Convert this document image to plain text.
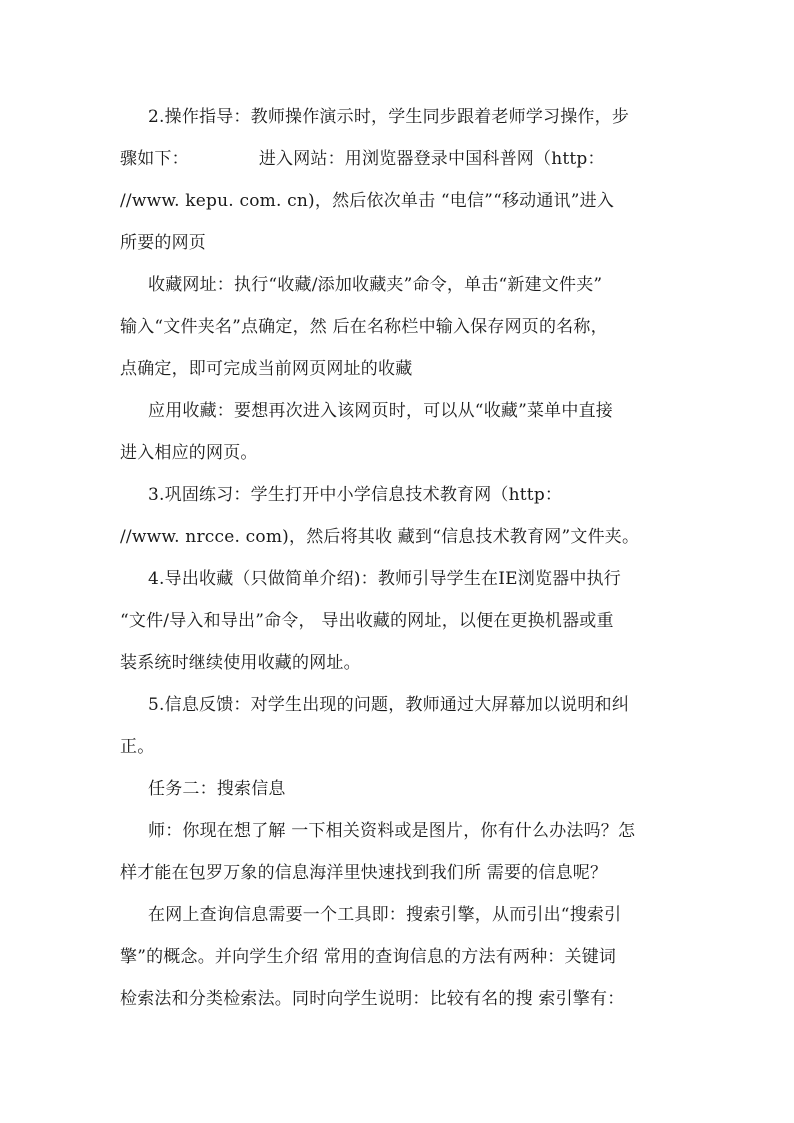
2.操作指导：教师操作演示时，学生同步跟着老师学习操作，步
骤如下：	进入网站：用浏览器登录中国科普网（http：
//www. kepu. com. cn)，然后依次单击 “电信”“移动通讯”进入
所要的网页

收藏网址：执行“收藏/添加收藏夹”命令，单击“新建文件夹”
输入“文件夹名”点确定，然 后在名称栏中输入保存网页的名称，
点确定，即可完成当前网页网址的收藏

应用收藏：要想再次进入该网页时，可以从“收藏”菜单中直接
进入相应的网页。

3.巩固练习：学生打开中小学信息技术教育网（http：
//www. nrcce. com)，然后将其收 藏到“信息技术教育网”文件夹。

4.导出收藏（只做简单介绍)：教师引导学生在IE浏览器中执行
“文件/导入和导出”命令， 导出收藏的网址，以便在更换机器或重
装系统时继续使用收藏的网址。

5.信息反馈：对学生出现的问题，教师通过大屏幕加以说明和纠
正。

任务二：搜索信息

师：你现在想了解 一下相关资料或是图片，你有什么办法吗？怎
样才能在包罗万象的信息海洋里快速找到我们所 需要的信息呢？

在网上查询信息需要一个工具即：搜索引擎，从而引出“搜索引
擎”的概念。并向学生介绍 常用的查询信息的方法有两种：关键词
检索法和分类检索法。同时向学生说明：比较有名的搜 索引擎有：
